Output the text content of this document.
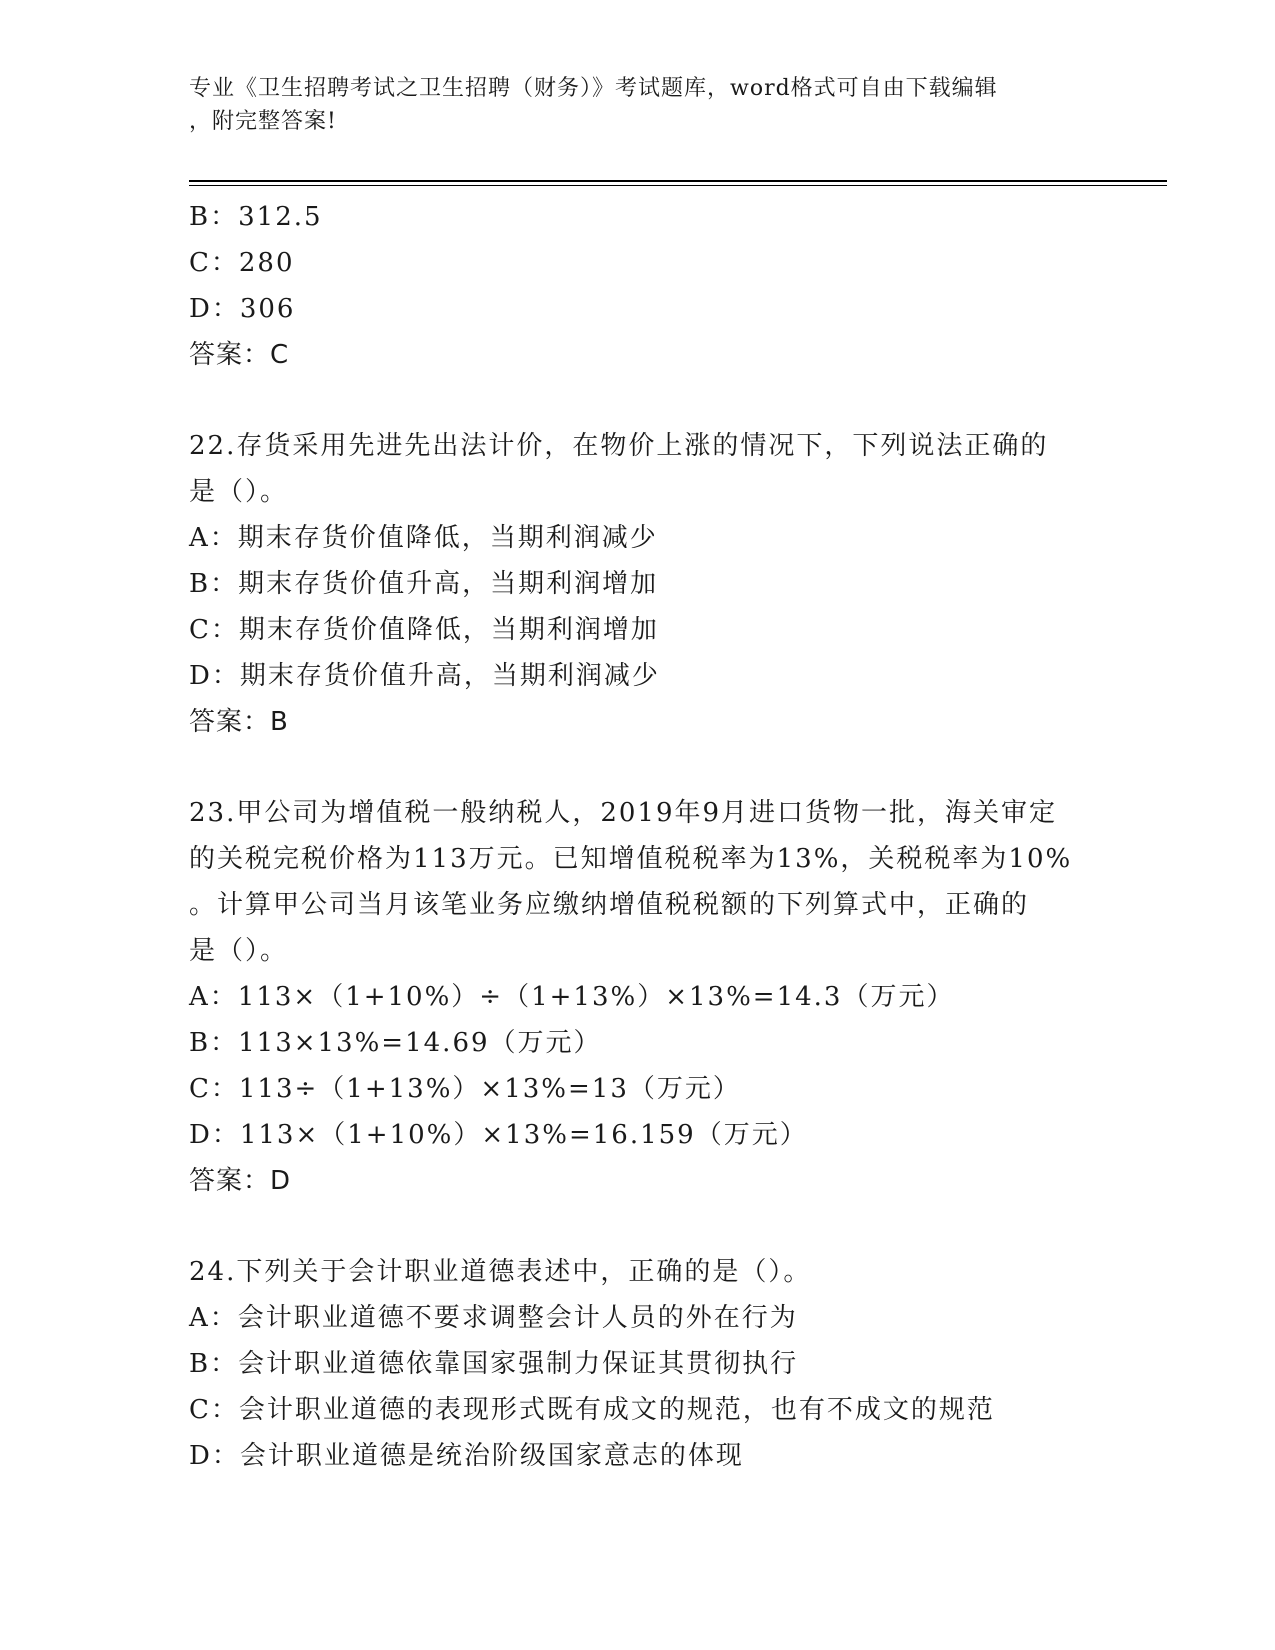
专业《卫生招聘考试之卫生招聘（财务）》考试题库，word格式可自由下载编辑
，附完整答案!
B：312.5
C：280
D：306
答案：C
22.存货采用先进先出法计价，在物价上涨的情况下，下列说法正确的
是（）。
A：期末存货价值降低，当期利润减少
B：期末存货价值升高，当期利润增加
C：期末存货价值降低，当期利润增加
D：期末存货价值升高，当期利润减少
答案：B
23.甲公司为增值税一般纳税人，2019年9月进口货物一批，海关审定
的关税完税价格为113万元。已知增值税税率为13%，关税税率为10%
。计算甲公司当月该笔业务应缴纳增值税税额的下列算式中，正确的
是（）。
A：113×（1+10%）÷（1+13%）×13%=14.3（万元）
B：113×13%=14.69（万元）
C：113÷（1+13%）×13%=13（万元）
D：113×（1+10%）×13%=16.159（万元）
答案：D
24.下列关于会计职业道德表述中，正确的是（）。
A：会计职业道德不要求调整会计人员的外在行为
B：会计职业道德依靠国家强制力保证其贯彻执行
C：会计职业道德的表现形式既有成文的规范，也有不成文的规范
D：会计职业道德是统治阶级国家意志的体现
